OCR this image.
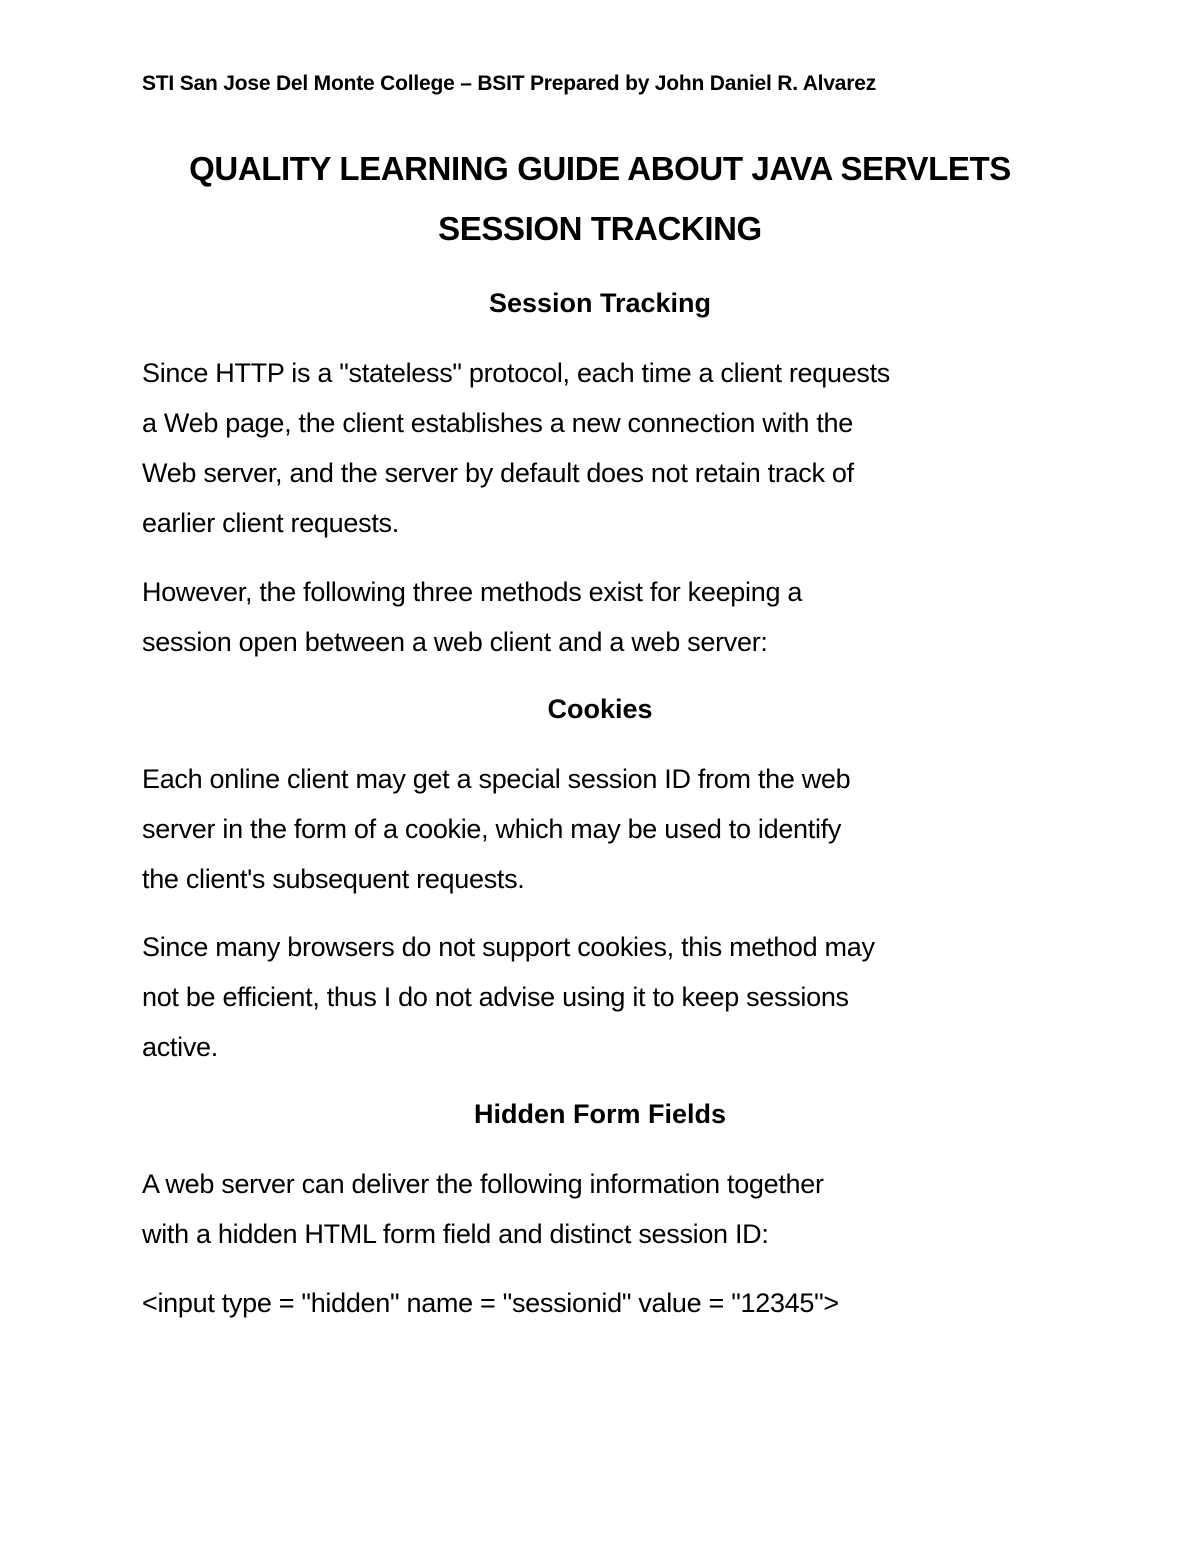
STI San Jose Del Monte College – BSIT Prepared by John Daniel R. Alvarez
QUALITY LEARNING GUIDE ABOUT JAVA SERVLETS
SESSION TRACKING
Session Tracking
Since HTTP is a "stateless" protocol, each time a client requests
a Web page, the client establishes a new connection with the
Web server, and the server by default does not retain track of
earlier client requests.
However, the following three methods exist for keeping a
session open between a web client and a web server:
Cookies
Each online client may get a special session ID from the web
server in the form of a cookie, which may be used to identify
the client's subsequent requests.
Since many browsers do not support cookies, this method may
not be efficient, thus I do not advise using it to keep sessions
active.
Hidden Form Fields
A web server can deliver the following information together
with a hidden HTML form field and distinct session ID:
<input type = "hidden" name = "sessionid" value = "12345">
